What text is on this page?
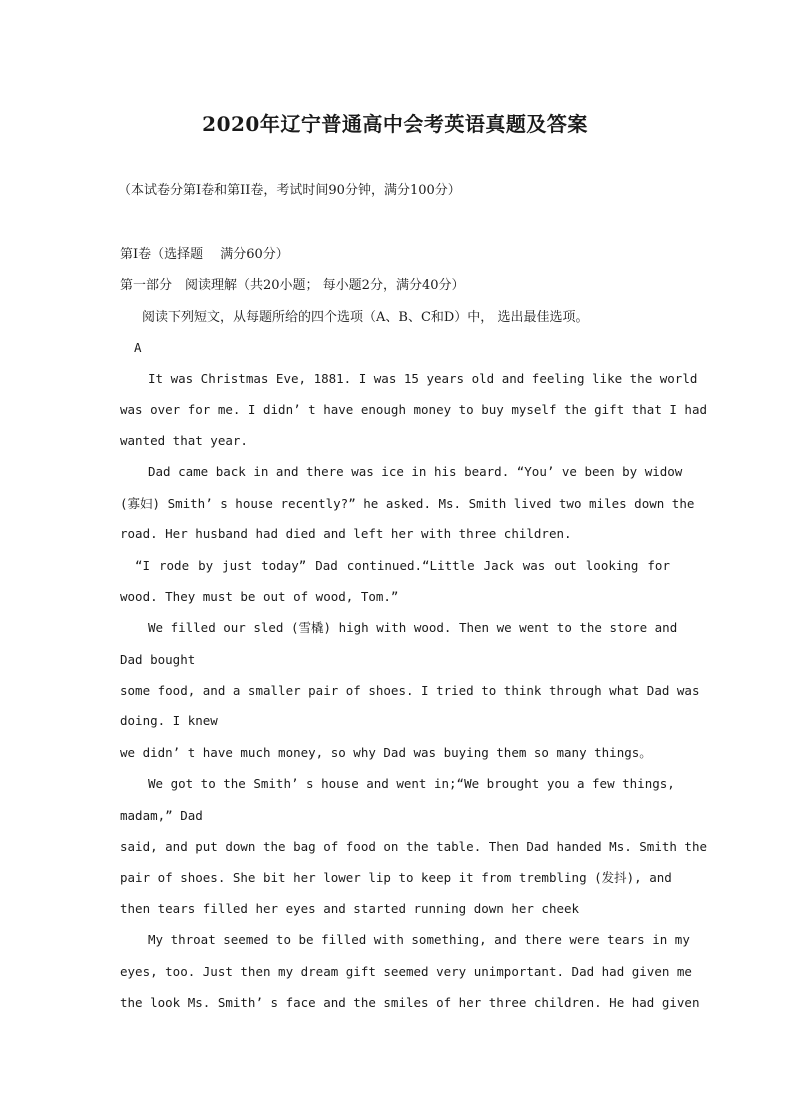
2020年辽宁普通高中会考英语真题及答案
（本试卷分第I卷和第II卷，考试时间90分钟，满分100分）
第I卷（选择题　 满分60分）
第一部分　阅读理解（共20小题； 每小题2分，满分40分）
阅读下列短文，从每题所给的四个选项（A、B、C和D）中， 选出最佳选项。
A
It was Christmas Eve, 1881. I was 15 years old and feeling like the world
was over for me. I didn’ t have enough money to buy myself the gift that I had
wanted that year.
Dad came back in and there was ice in his beard. “You’ ve been by widow
(寡妇) Smith’ s house recently?” he asked. Ms. Smith lived two miles down the
road. Her husband had died and left her with three children.
“I rode by just today” Dad continued.“Little Jack was out looking for
wood. They must be out of wood, Tom.”
We filled our sled (雪橇) high with wood. Then we went to the store and
Dad bought
some food, and a smaller pair of shoes. I tried to think through what Dad was
doing. I knew
we didn’ t have much money, so why Dad was buying them so many things。
We got to the Smith’ s house and went in;“We brought you a few things,
madam,” Dad
said, and put down the bag of food on the table. Then Dad handed Ms. Smith the
pair of shoes. She bit her lower lip to keep it from trembling (发抖), and
then tears filled her eyes and started running down her cheek
My throat seemed to be filled with something, and there were tears in my
eyes, too. Just then my dream gift seemed very unimportant. Dad had given me
the look Ms. Smith’ s face and the smiles of her three children. He had given
